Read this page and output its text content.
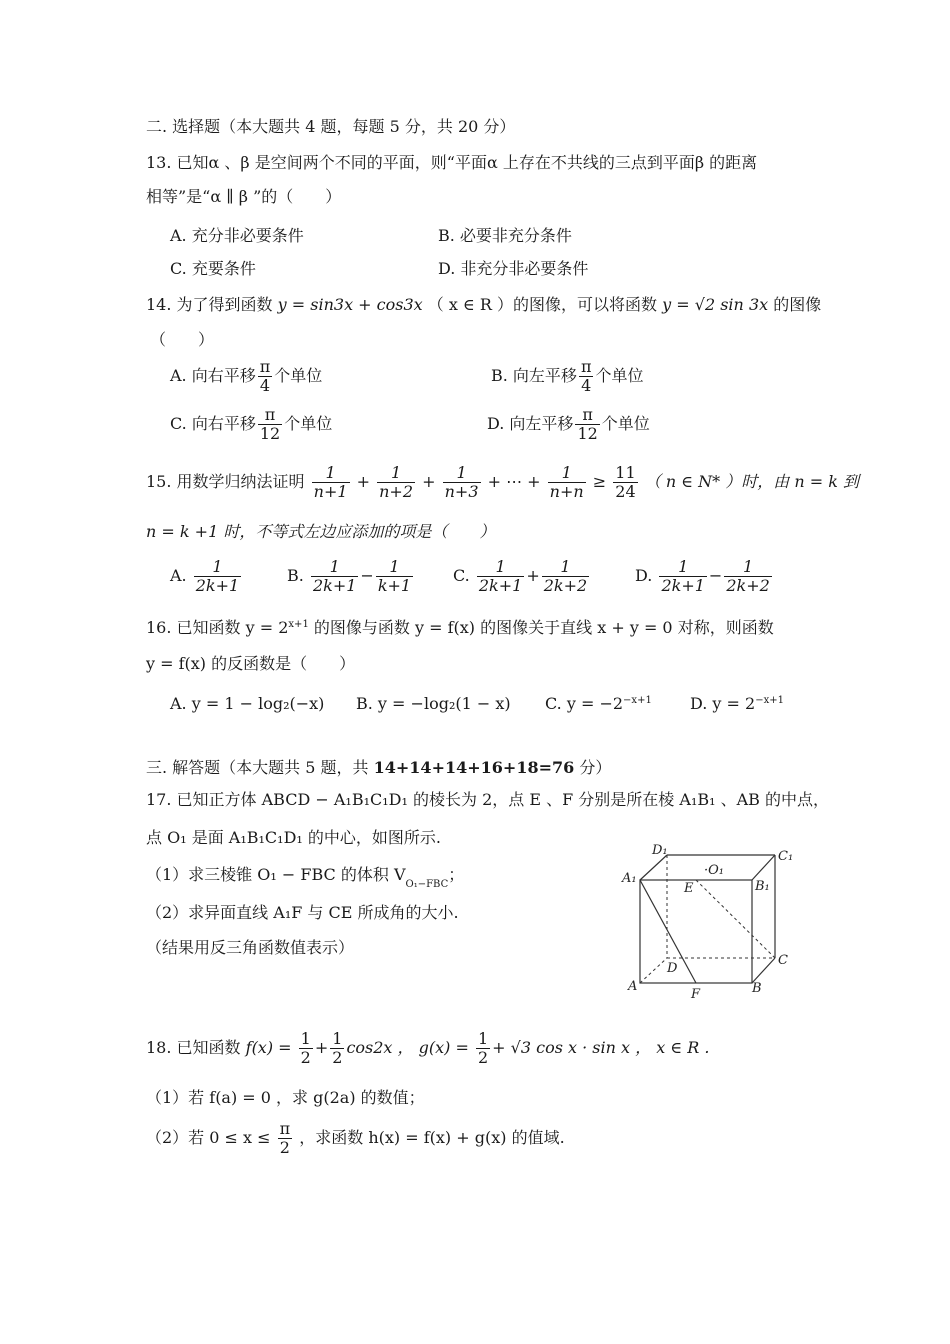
二. 选择题（本大题共 4 题，每题 5 分，共 20 分）
13. 已知α 、β 是空间两个不同的平面，则“平面α 上存在不共线的三点到平面β 的距离
相等”是“α ∥ β ”的（　　）
A. 充分非必要条件	B. 必要非充分条件
C. 充要条件	D. 非充分非必要条件
14. 为了得到函数 y = sin3x + cos3x （ x ∈ R ）的图像，可以将函数 y = √2 sin 3x 的图像
（　　）
A. 向右平移 $\frac{\pi}{4}$ 个单位	B. 向左平移 $\frac{\pi}{4}$ 个单位
C. 向右平移 $\frac{\pi}{12}$ 个单位	D. 向左平移 $\frac{\pi}{12}$ 个单位
15. 用数学归纳法证明 $\frac{1}{n+1} + \frac{1}{n+2} + \frac{1}{n+3}$ + ⋯ + $\frac{1}{n+n} \ge \frac{11}{24}$ （ n ∈ N* ）时，由 n = k 到
n = k +1 时，不等式左边应添加的项是（　　）
A. $\frac{1}{2k+1}$	B. $\frac{1}{2k+1} - \frac{1}{k+1} C$. $\frac{1}{2k+1} + \frac{1}{2k+2}$	D. $\frac{1}{2k+1} - \frac{1}{2k+2}$
16. 已知函数 $y = 2^{x+1}$ 的图像与函数 y = f(x) 的图像关于直线 x + y = 0 对称，则函数
y = f(x) 的反函数是（　　）
A. y = 1 − log₂(−x) B. y = −log₂(1 − x) C. $y = -2^{-x+1}$ D. $y = 2^{-x+1}$
三. 解答题（本大题共 5 题，共 14+14+14+16+18=76 分）
17. 已知正方体 ABCD − A₁B₁C₁D₁ 的棱长为 2，点 E 、F 分别是所在棱 A₁B₁ 、AB 的中点，
点 O₁ 是面 A₁B₁C₁D₁ 的中心，如图所示.
（1）求三棱锥 O₁ − FBC 的体积 $V_{O_1-FBC}$；
（2）求异面直线 A₁F 与 CE 所成角的大小.
（结果用反三角函数值表示）
D₁	C₁
A₁
B₁
·O₁
E
D
C
A
F	B
18. 已知函数 $f(x) = \frac{1}{2} + \frac{1}{2} \cos 2x$ ， $g(x) = \frac{1}{2} + √3$ cos x · sin x ， x ∈ R .
（1）若 f(a) = 0 ，求 g(2a) 的数值；
（2）若 $0 \le x \le \frac{\pi}{2}$ ，求函数 h(x) = f(x) + g(x) 的值域.
